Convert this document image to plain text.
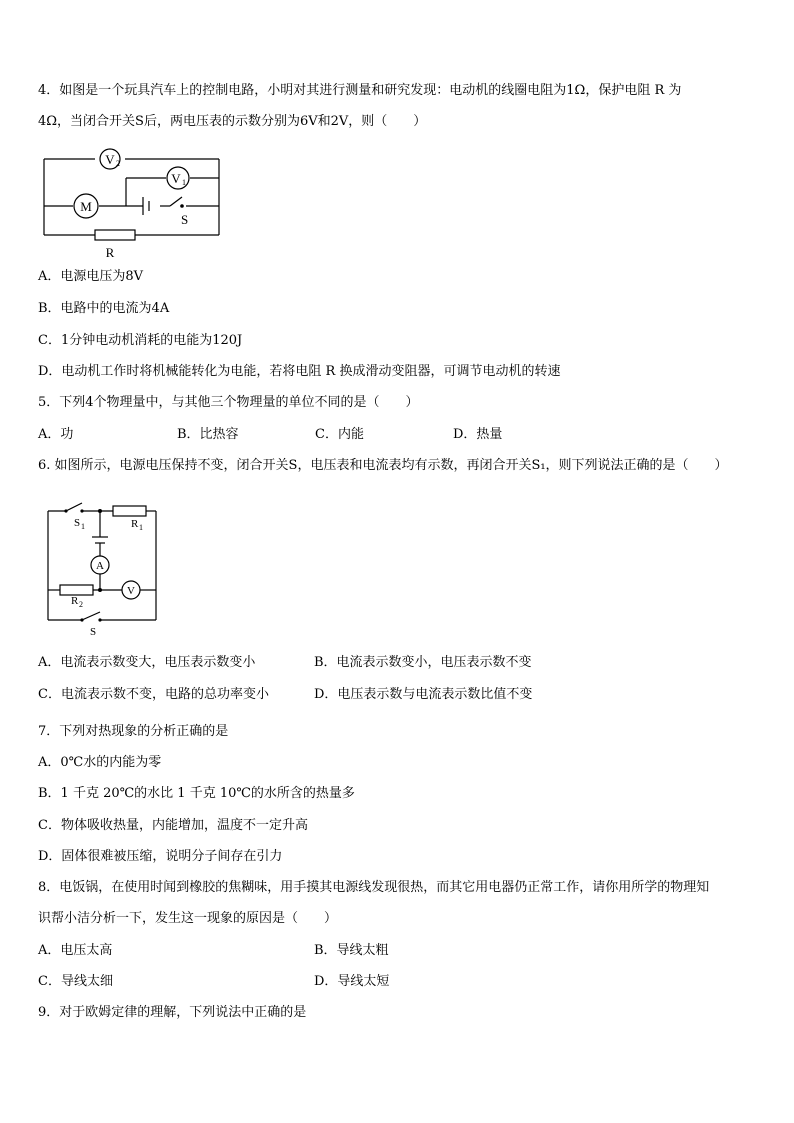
4．如图是一个玩具汽车上的控制电路，小明对其进行测量和研究发现：电动机的线圈电阻为1Ω，保护电阻 R 为
4Ω，当闭合开关S后，两电压表的示数分别为6V和2V，则（　　）
V 2
V 1
M
S
R
A．电源电压为8V
B．电路中的电流为4A
C．1分钟电动机消耗的电能为120J
D．电动机工作时将机械能转化为电能，若将电阻 R 换成滑动变阻器，可调节电动机的转速
5．下列4个物理量中，与其他三个物理量的单位不同的是（　　）
A．功	B．比热容	C．内能	D．热量
6. 如图所示，电源电压保持不变，闭合开关S，电压表和电流表均有示数，再闭合开关S₁，则下列说法正确的是（　　）
A
V
S 1	R 1
R 2
S
A．电流表示数变大，电压表示数变小	B．电流表示数变小，电压表示数不变
C．电流表示数不变，电路的总功率变小	D．电压表示数与电流表示数比值不变
7．下列对热现象的分析正确的是
A．0℃水的内能为零
B．1 千克 20℃的水比 1 千克 10℃的水所含的热量多
C．物体吸收热量，内能增加，温度不一定升高
D．固体很难被压缩，说明分子间存在引力
8．电饭锅，在使用时闻到橡胶的焦糊味，用手摸其电源线发现很热，而其它用电器仍正常工作，请你用所学的物理知
识帮小洁分析一下，发生这一现象的原因是（　　）
A．电压太高	B．导线太粗
C．导线太细	D．导线太短
9．对于欧姆定律的理解，下列说法中正确的是
